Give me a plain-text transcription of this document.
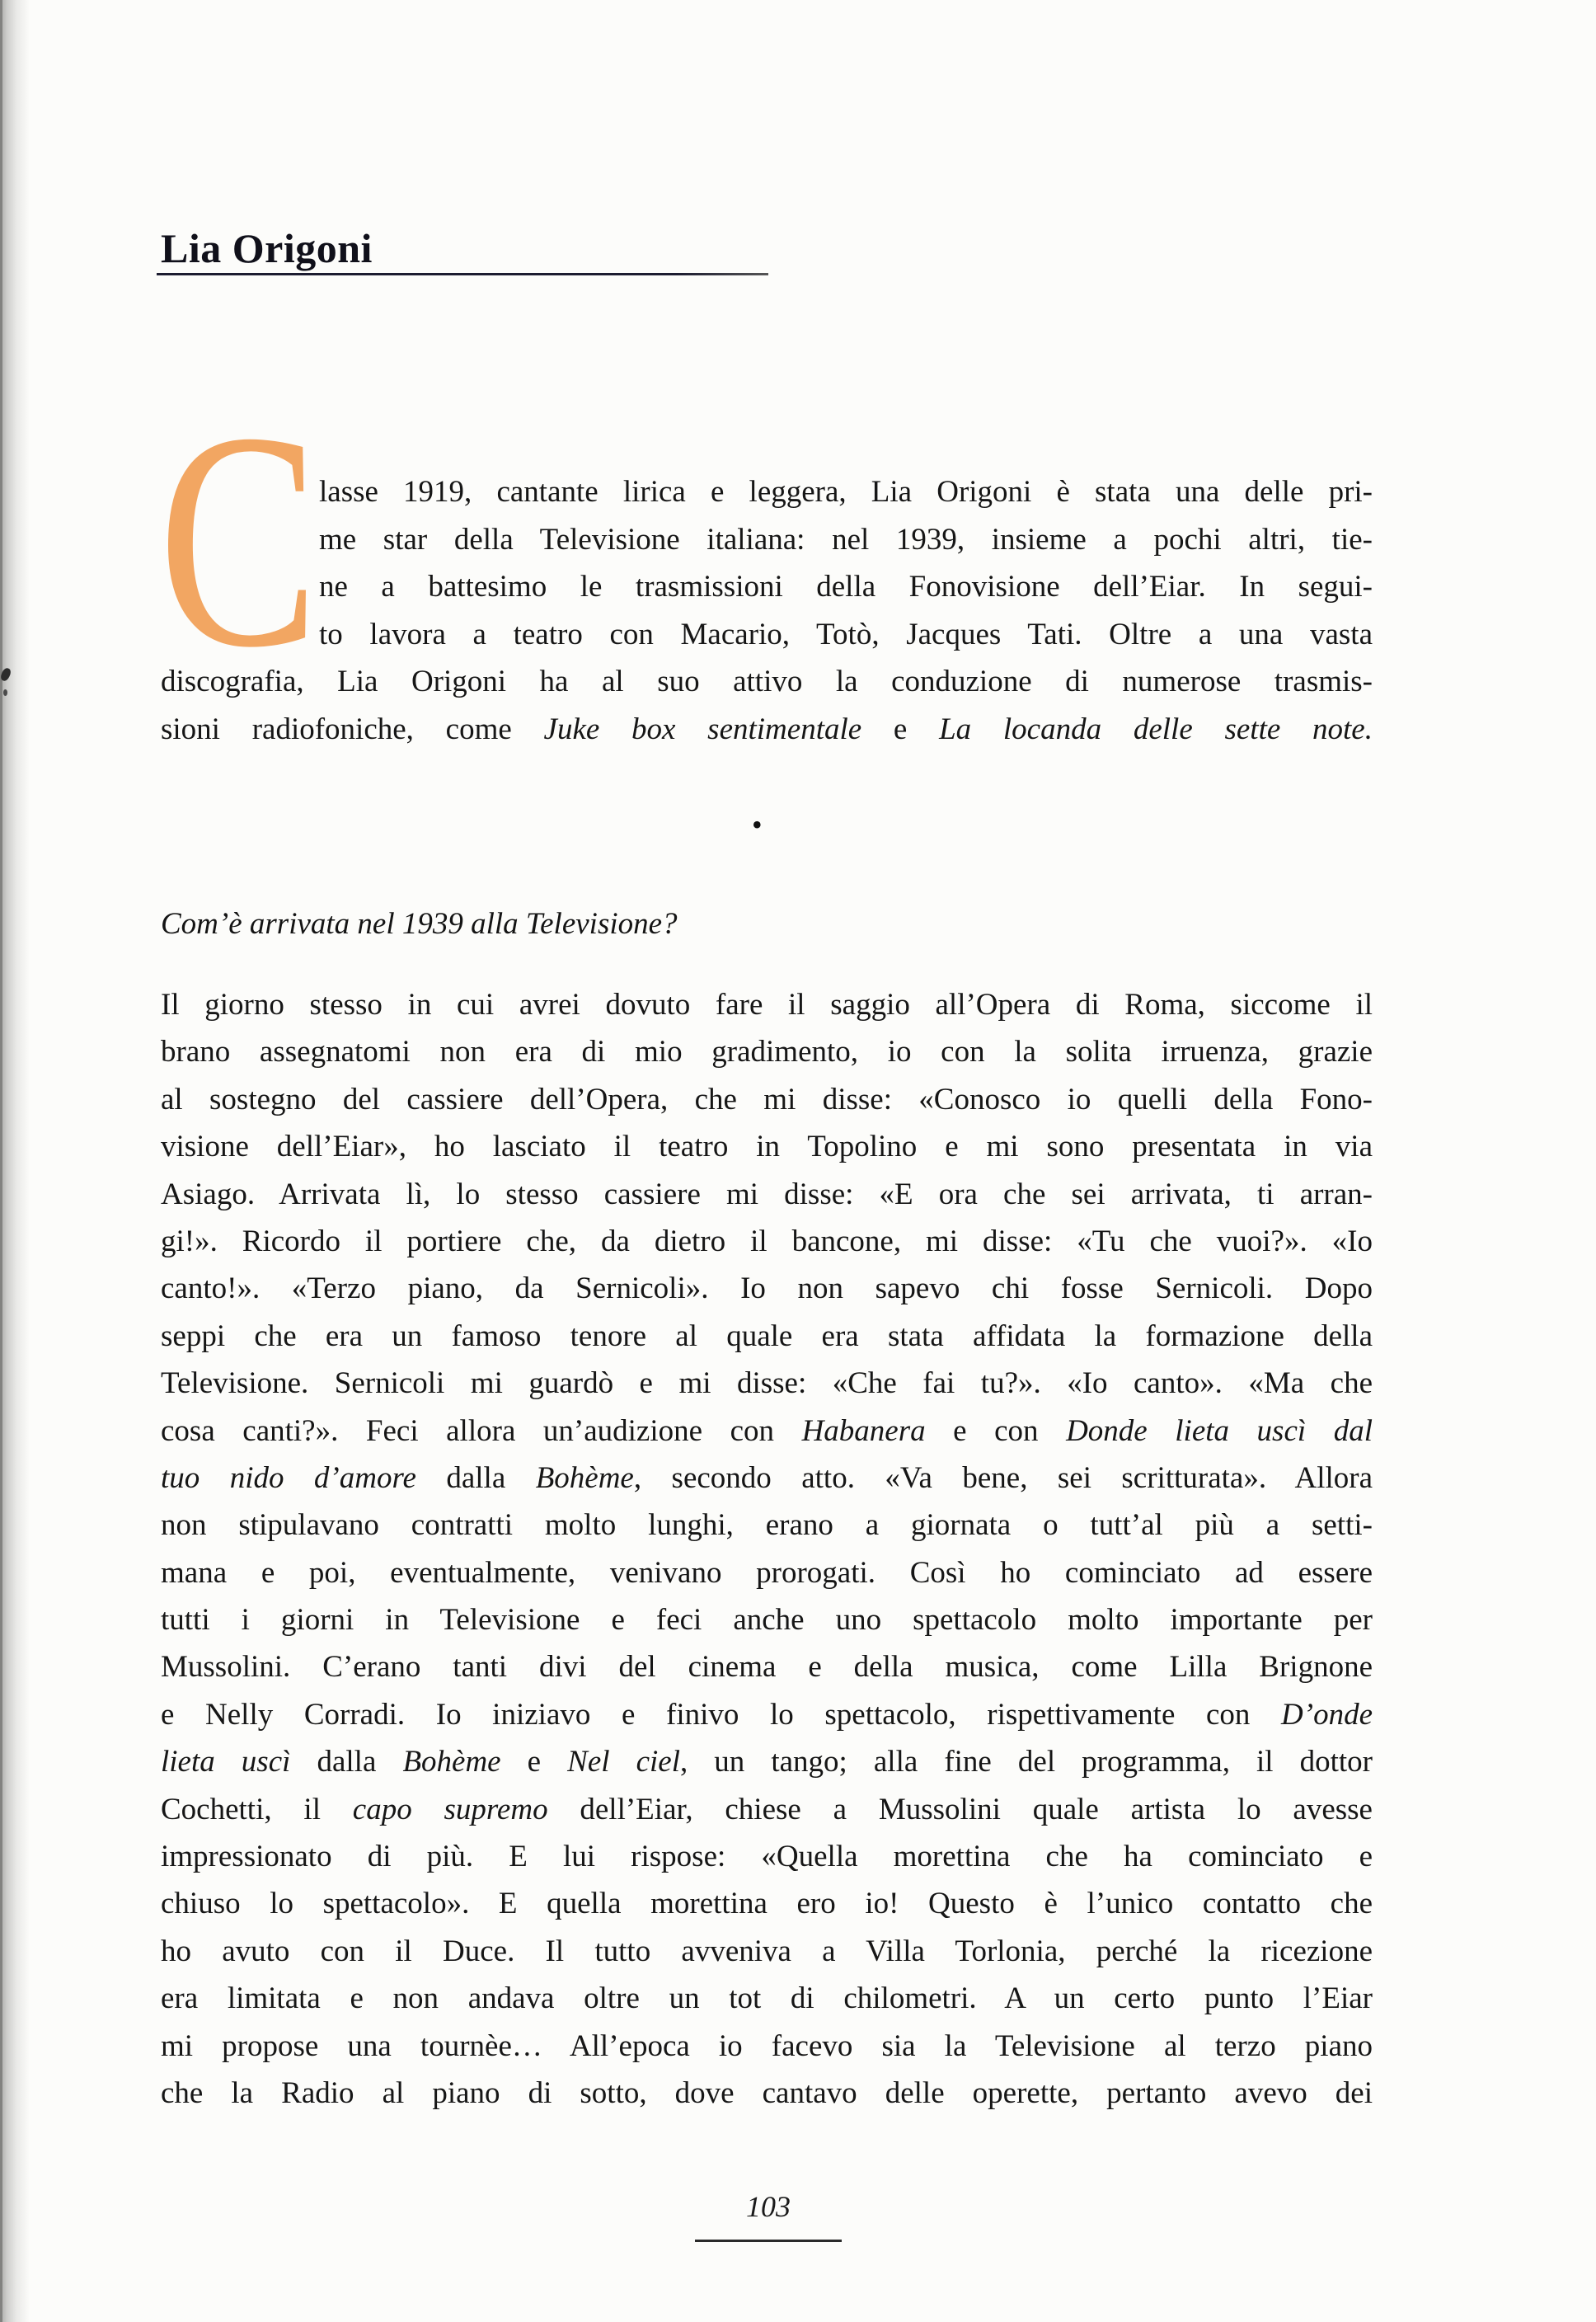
Lia Origoni
C lasse 1919, cantante lirica e leggera, Lia Origoni è stata una delle pri-
me star della Televisione italiana: nel 1939, insieme a pochi altri, tie-
ne a battesimo le trasmissioni della Fonovisione dell’Eiar. In segui-
to lavora a teatro con Macario, Totò, Jacques Tati. Oltre a una vasta
discografia, Lia Origoni ha al suo attivo la conduzione di numerose trasmis-
sioni radiofoniche, come Juke box sentimentale e La locanda delle sette note.
•
Com’è arrivata nel 1939 alla Televisione?
Il giorno stesso in cui avrei dovuto fare il saggio all’Opera di Roma, siccome il
brano assegnatomi non era di mio gradimento, io con la solita irruenza, grazie
al sostegno del cassiere dell’Opera, che mi disse: «Conosco io quelli della Fono-
visione dell’Eiar», ho lasciato il teatro in Topolino e mi sono presentata in via
Asiago. Arrivata lì, lo stesso cassiere mi disse: «E ora che sei arrivata, ti arran-
gi!». Ricordo il portiere che, da dietro il bancone, mi disse: «Tu che vuoi?». «Io
canto!». «Terzo piano, da Sernicoli». Io non sapevo chi fosse Sernicoli. Dopo
seppi che era un famoso tenore al quale era stata affidata la formazione della
Televisione. Sernicoli mi guardò e mi disse: «Che fai tu?». «Io canto». «Ma che
cosa canti?». Feci allora un’audizione con Habanera e con Donde lieta uscì dal
tuo nido d’amore dalla Bohème, secondo atto. «Va bene, sei scritturata». Allora
non stipulavano contratti molto lunghi, erano a giornata o tutt’al più a setti-
mana e poi, eventualmente, venivano prorogati. Così ho cominciato ad essere
tutti i giorni in Televisione e feci anche uno spettacolo molto importante per
Mussolini. C’erano tanti divi del cinema e della musica, come Lilla Brignone
e Nelly Corradi. Io iniziavo e finivo lo spettacolo, rispettivamente con D’onde
lieta uscì dalla Bohème e Nel ciel, un tango; alla fine del programma, il dottor
Cochetti, il capo supremo dell’Eiar, chiese a Mussolini quale artista lo avesse
impressionato di più. E lui rispose: «Quella morettina che ha cominciato e
chiuso lo spettacolo». E quella morettina ero io! Questo è l’unico contatto che
ho avuto con il Duce. Il tutto avveniva a Villa Torlonia, perché la ricezione
era limitata e non andava oltre un tot di chilometri. A un certo punto l’Eiar
mi propose una tournèe… All’epoca io facevo sia la Televisione al terzo piano
che la Radio al piano di sotto, dove cantavo delle operette, pertanto avevo dei
103
